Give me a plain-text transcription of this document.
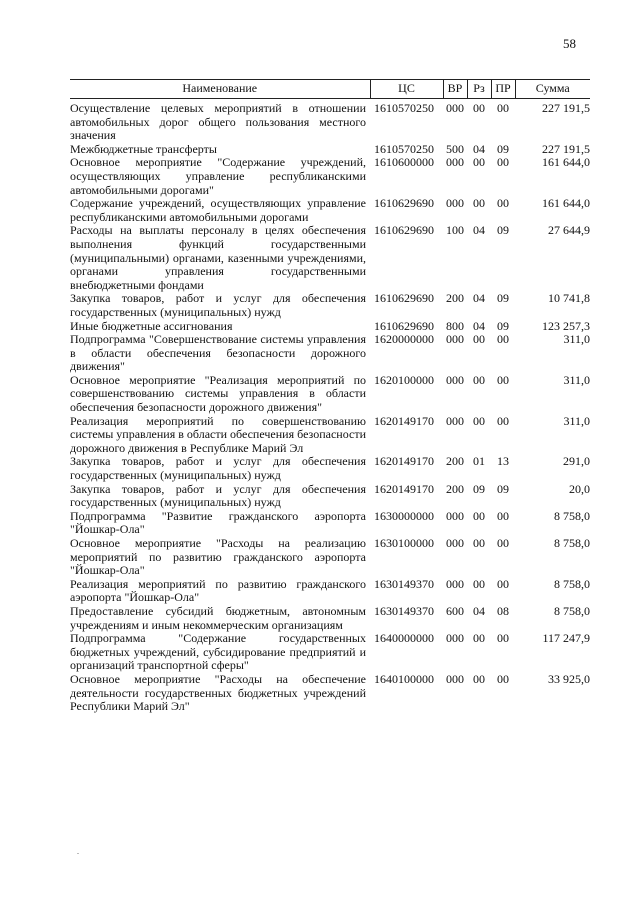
58
Наименование	ЦС	ВР	Рз	ПР	Сумма
Осуществление целевых мероприятий в отношении автомобильных дорог общего пользования местного значения	1610570250	000	00	00	227 191,5
Межбюджетные трансферты	1610570250	500	04	09	227 191,5
Основное мероприятие "Содержание учреждений, осуществляющих управление республиканскими автомобильными дорогами"	1610600000	000	00	00	161 644,0
Содержание учреждений, осуществляющих управление республиканскими автомобильными дорогами	1610629690	000	00	00	161 644,0
Расходы на выплаты персоналу в целях обеспечения выполнения функций государственными (муниципальными) органами, казенными учреждениями, органами управления государственными внебюджетными фондами	1610629690	100	04	09	27 644,9
Закупка товаров, работ и услуг для обеспечения государственных (муниципальных) нужд	1610629690	200	04	09	10 741,8
Иные бюджетные ассигнования	1610629690	800	04	09	123 257,3
Подпрограмма "Совершенствование системы управления в области обеспечения безопасности дорожного движения"	1620000000	000	00	00	311,0
Основное мероприятие "Реализация мероприятий по совершенствованию системы управления в области обеспечения безопасности дорожного движения"	1620100000	000	00	00	311,0
Реализация мероприятий по совершенствованию системы управления в области обеспечения безопасности дорожного движения в Республике Марий Эл	1620149170	000	00	00	311,0
Закупка товаров, работ и услуг для обеспечения государственных (муниципальных) нужд	1620149170	200	01	13	291,0
Закупка товаров, работ и услуг для обеспечения государственных (муниципальных) нужд	1620149170	200	09	09	20,0
Подпрограмма "Развитие гражданского аэропорта "Йошкар-Ола"	1630000000	000	00	00	8 758,0
Основное мероприятие "Расходы на реализацию мероприятий по развитию гражданского аэропорта "Йошкар-Ола"	1630100000	000	00	00	8 758,0
Реализация мероприятий по развитию гражданского аэропорта "Йошкар-Ола"	1630149370	000	00	00	8 758,0
Предоставление субсидий бюджетным, автономным учреждениям и иным некоммерческим организациям	1630149370	600	04	08	8 758,0
Подпрограмма "Содержание государственных бюджетных учреждений, субсидирование предприятий и организаций транспортной сферы"	1640000000	000	00	00	117 247,9
Основное мероприятие "Расходы на обеспечение деятельности государственных бюджетных учреждений Республики Марий Эл"	1640100000	000	00	00	33 925,0
